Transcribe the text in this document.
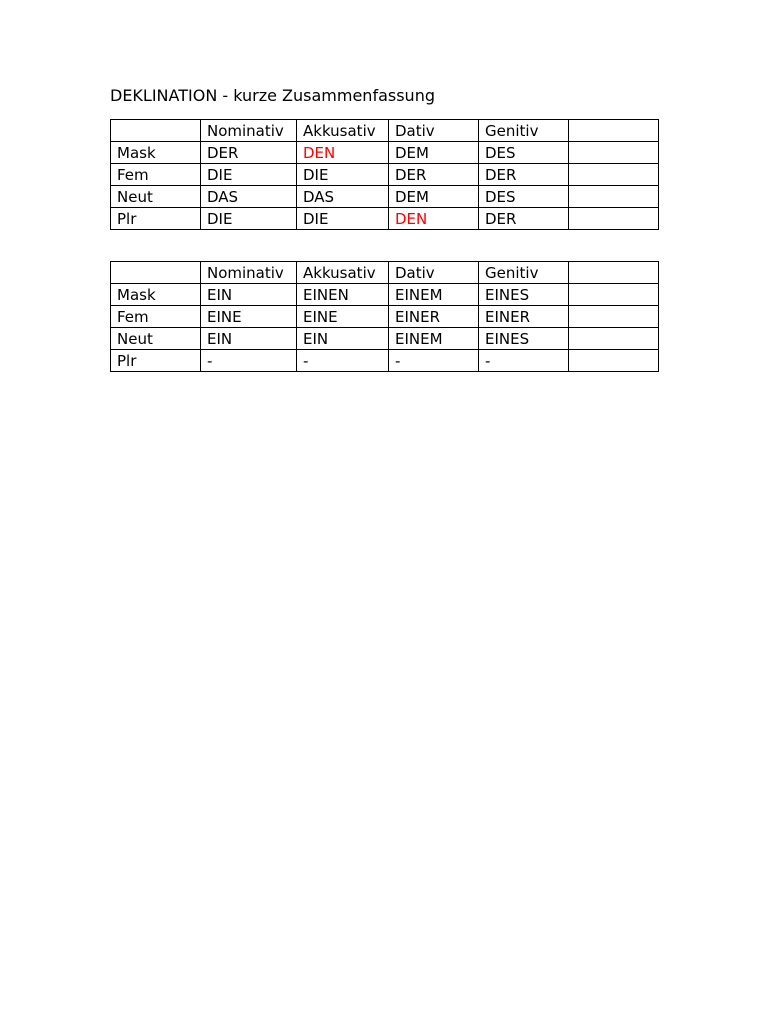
DEKLINATION - kurze Zusammenfassung
	Nominativ	Akkusativ	Dativ	Genitiv	
Mask	DER	DEN	DEM	DES	
Fem	DIE	DIE	DER	DER	
Neut	DAS	DAS	DEM	DES	
Plr	DIE	DIE	DEN	DER	
	Nominativ	Akkusativ	Dativ	Genitiv	
Mask	EIN	EINEN	EINEM	EINES	
Fem	EINE	EINE	EINER	EINER	
Neut	EIN	EIN	EINEM	EINES	
Plr	-	-	-	-	
